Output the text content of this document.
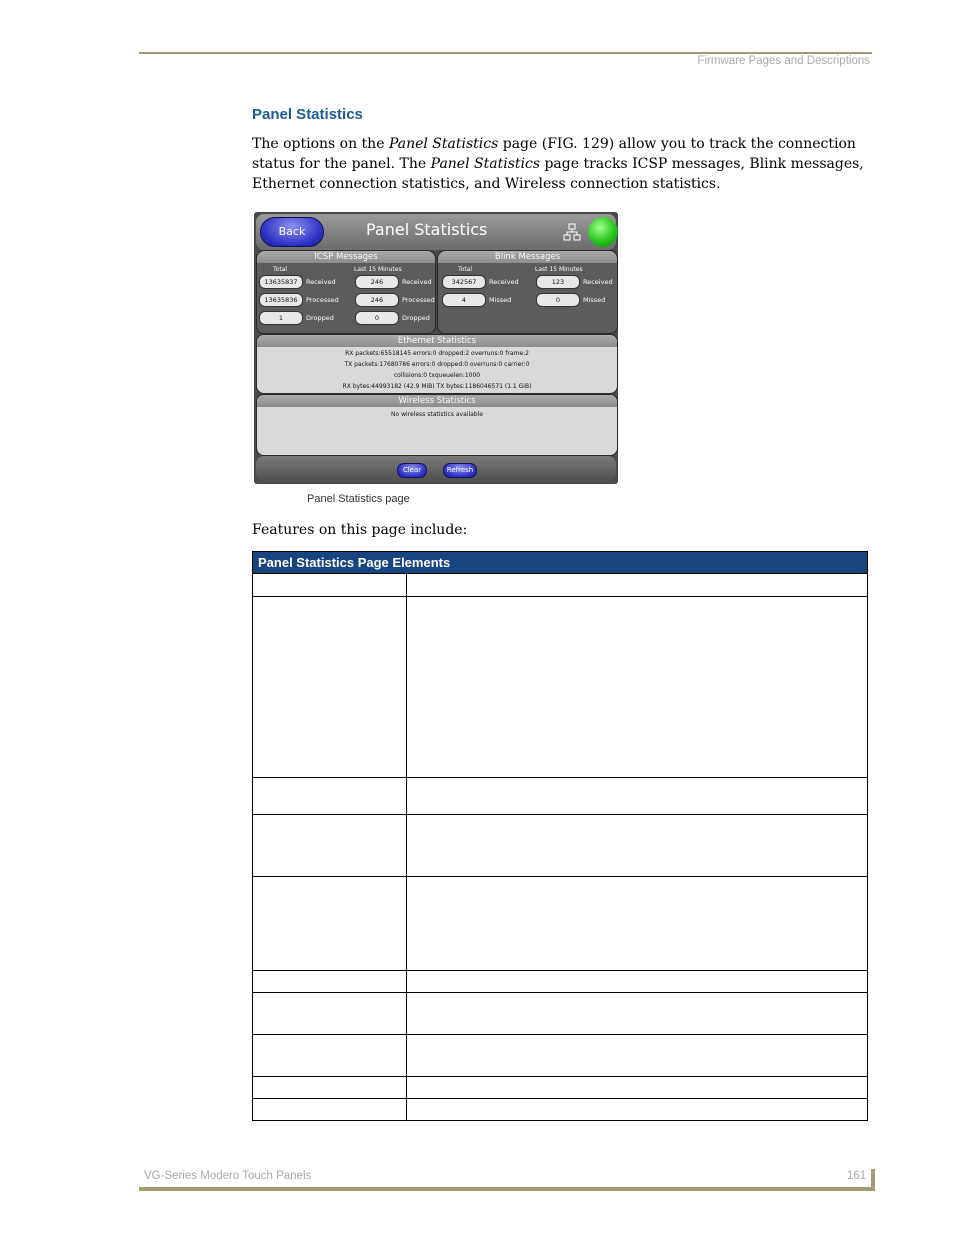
Firmware Pages and Descriptions
Panel Statistics
The options on the Panel Statistics page (FIG. 129) allow you to track the connection status for the panel. The Panel Statistics page tracks ICSP messages, Blink messages, Ethernet connection statistics, and Wireless connection statistics.
Back	Panel Statistics
ICSP Messages
Total	Last 15 Minutes
13635837	Received	246	Received
13635836	Processed	246	Processed
1	Dropped	0	Dropped
Blink Messages
Total	Last 15 Minutes
342567	Received	123	Received
4	Missed	0	Missed
Ethernet Statistics
RX packets:65518145 errors:0 dropped:2 overruns:0 frame:2
TX packets:17680786 errors:0 dropped:0 overruns:0 carrier:0
collisions:0 txqueuelen:1000
RX bytes:44993182 (42.9 MiB) TX bytes:1186046571 (1.1 GiB)
Wireless Statistics
No wireless statistics available
Clear	Refresh
Panel Statistics page
Features on this page include:
Panel Statistics Page Elements
VG-Series Modero Touch Panels	161
